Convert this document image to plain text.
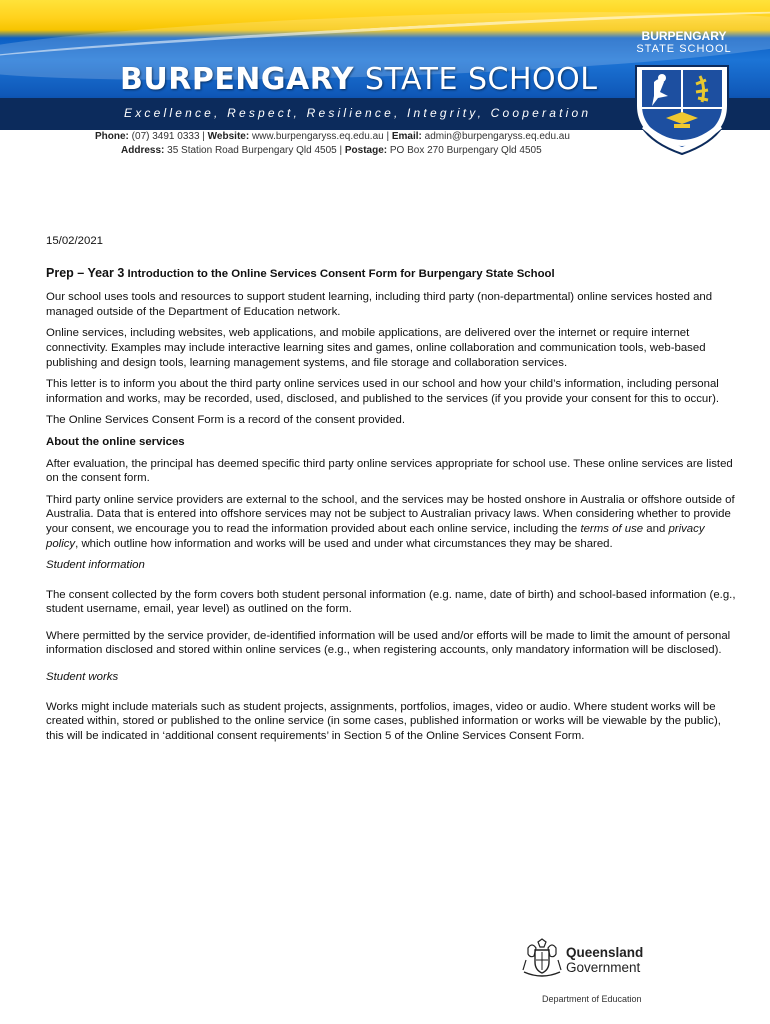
BURPENGARY STATE SCHOOL

Excellence, Respect, Resilience, Integrity, Cooperation

BURPENGARY

STATE SCHOOL

Phone: (07) 3491 0333 | Website: www.burpengaryss.eq.edu.au | Email: admin@burpengaryss.eq.edu.au
Address: 35 Station Road Burpengary Qld 4505 | Postage: PO Box 270 Burpengary Qld 4505

15/02/2021

Prep – Year 3 Introduction to the Online Services Consent Form for Burpengary State School

Our school uses tools and resources to support student learning, including third party (non-departmental) online services hosted and managed outside of the Department of Education network.

Online services, including websites, web applications, and mobile applications, are delivered over the internet or require internet connectivity. Examples may include interactive learning sites and games, online collaboration and communication tools, web-based publishing and design tools, learning management systems, and file storage and collaboration services.

This letter is to inform you about the third party online services used in our school and how your child’s information, including personal information and works, may be recorded, used, disclosed, and published to the services (if you provide your consent for this to occur).

The Online Services Consent Form is a record of the consent provided.

About the online services

After evaluation, the principal has deemed specific third party online services appropriate for school use. These online services are listed on the consent form.

Third party online service providers are external to the school, and the services may be hosted onshore in Australia or offshore outside of Australia. Data that is entered into offshore services may not be subject to Australian privacy laws. When considering whether to provide your consent, we encourage you to read the information provided about each online service, including the terms of use and privacy policy, which outline how information and works will be used and under what circumstances they may be shared.

Student information

The consent collected by the form covers both student personal information (e.g. name, date of birth) and school-based information (e.g., student username, email, year level) as outlined on the form.

Where permitted by the service provider, de-identified information will be used and/or efforts will be made to limit the amount of personal information disclosed and stored within online services (e.g., when registering accounts, only mandatory information will be disclosed).

Student works

Works might include materials such as student projects, assignments, portfolios, images, video or audio. Where student works will be created within, stored or published to the online service (in some cases, published information or works will be viewable by the public), this will be indicated in ‘additional consent requirements’ in Section 5 of the Online Services Consent Form.

Queensland

Government

Department of Education
